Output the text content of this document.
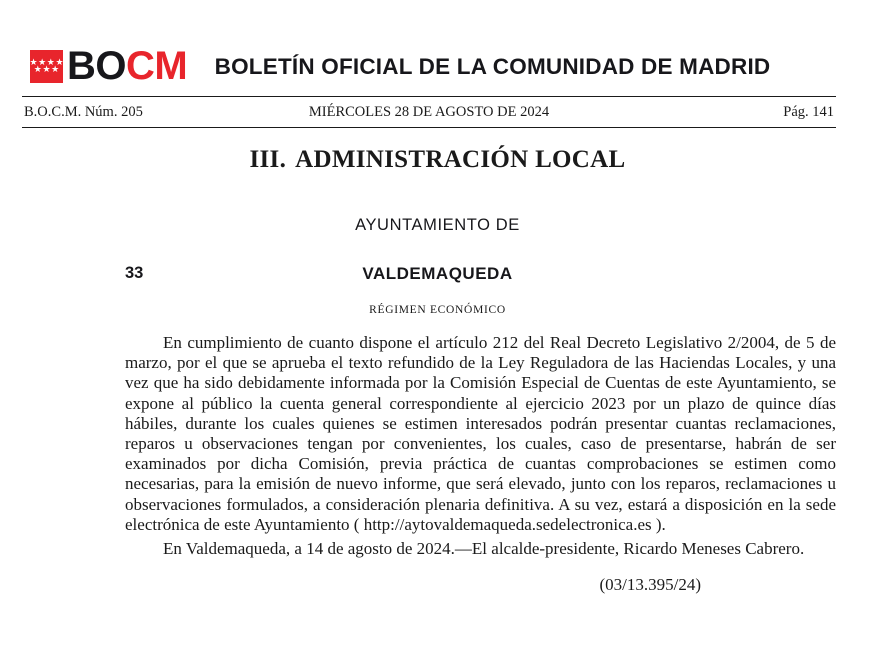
★ ★ ★ ★
★ ★ ★ BO CM	BOLETÍN OFICIAL DE LA COMUNIDAD DE MADRID
B.O.C.M. Núm. 205	MIÉRCOLES 28 DE AGOSTO DE 2024	Pág. 141
III. ADMINISTRACIÓN LOCAL
AYUNTAMIENTO DE
33	VALDEMAQUEDA
RÉGIMEN ECONÓMICO

En cumplimiento de cuanto dispone el artículo 212 del Real Decreto Legislativo 2/2004, de 5 de marzo, por el que se aprueba el texto refundido de la Ley Reguladora de las Haciendas Locales, y una vez que ha sido debidamente informada por la Comisión Especial de Cuentas de este Ayuntamiento, se expone al público la cuenta general correspondiente al ejercicio 2023 por un plazo de quince días hábiles, durante los cuales quienes se estimen interesados podrán presentar cuantas reclamaciones, reparos u observaciones tengan por convenientes, los cuales, caso de presentarse, habrán de ser examinados por dicha Comisión, previa práctica de cuantas comprobaciones se estimen como necesarias, para la emisión de nuevo informe, que será elevado, junto con los reparos, reclamaciones u observaciones formulados, a consideración plenaria definitiva. A su vez, estará a disposición en la sede electrónica de este Ayuntamiento ( http://aytovaldemaqueda.sedelectronica.es ).

En Valdemaqueda, a 14 de agosto de 2024.—El alcalde-presidente, Ricardo Meneses Cabrero.

(03/13.395/24)
